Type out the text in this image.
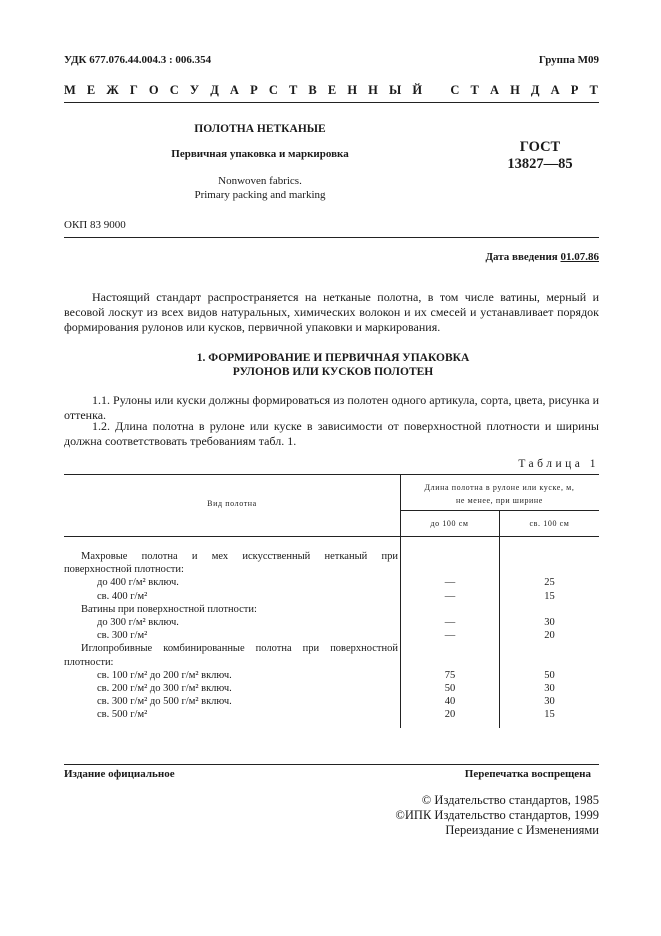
УДК 677.076.44.004.3 : 006.354	Группа М09
М Е Ж Г О С У Д А Р С Т В Е Н Н Ы Й С Т А Н Д А Р Т
ПОЛОТНА НЕТКАНЫЕ
Первичная упаковка и маркировка
Nonwoven fabrics.
Primary packing and marking
ГОСТ
13827—85
ОКП 83 9000
Дата введения 01.07.86
Настоящий стандарт распространяется на нетканые полотна, в том числе ватины, мерный и весовой лоскут из всех видов натуральных, химических волокон и их смесей и устанавливает порядок формирования рулонов или кусков, первичной упаковки и маркирования.
1. ФОРМИРОВАНИЕ И ПЕРВИЧНАЯ УПАКОВКА
РУЛОНОВ ИЛИ КУСКОВ ПОЛОТЕН
1.1. Рулоны или куски должны формироваться из полотен одного артикула, сорта, цвета, рисунка и оттенка.
1.2. Длина полотна в рулоне или куске в зависимости от поверхностной плотности и ширины должна соответствовать требованиям табл. 1.
Таблица 1
Вид полотна
Длина полотна в рулоне или куске, м,
не менее, при ширине
до 100 см	св. 100 см
Махровые полотна и мех искусственный нетканый при
поверхностной плотности:
до 400 г/м² включ.	—	25
св. 400 г/м²	—	15
Ватины при поверхностной плотности:
до 300 г/м² включ.	—	30
св. 300 г/м²	—	20
Иглопробивные комбинированные полотна при поверхностной
плотности:
св. 100 г/м² до 200 г/м² включ.	75	50
св. 200 г/м² до 300 г/м² включ.	50	30
св. 300 г/м² до 500 г/м² включ.	40	30
св. 500 г/м²	20	15
Издание официальное	Перепечатка воспрещена
© Издательство стандартов, 1985
©ИПК Издательство стандартов, 1999
Переиздание с Изменениями
